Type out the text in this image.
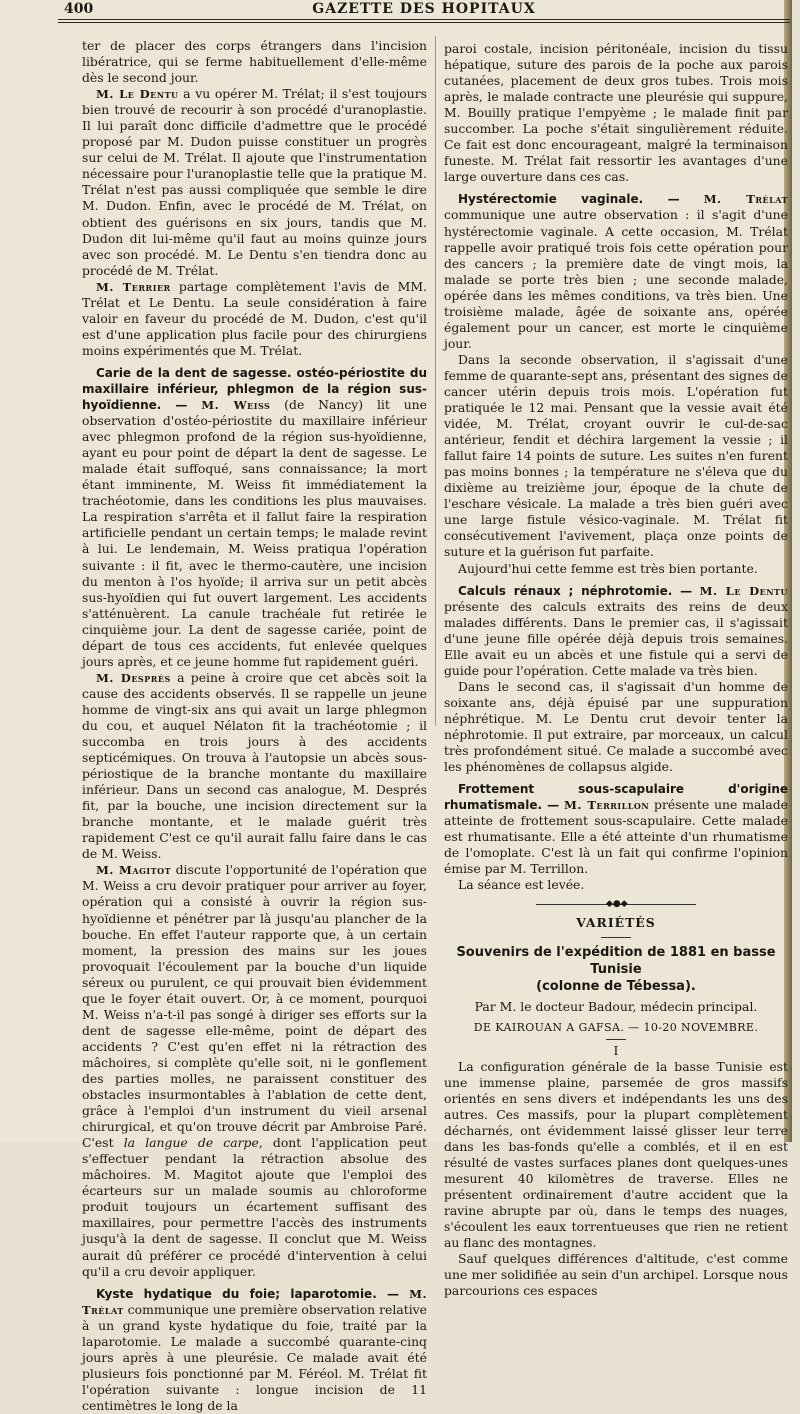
400	GAZETTE DES HOPITAUX

ter de placer des corps étrangers dans l'incision libératrice, qui se ferme habituellement d'elle-même dès le second jour.

M. Le Dentu a vu opérer M. Trélat; il s'est toujours bien trouvé de recourir à son procédé d'uranoplastie. Il lui paraît donc difficile d'admettre que le procédé proposé par M. Dudon puisse constituer un progrès sur celui de M. Trélat. Il ajoute que l'instrumentation nécessaire pour l'uranoplastie telle que la pratique M. Trélat n'est pas aussi compliquée que semble le dire M. Dudon. Enfin, avec le procédé de M. Trélat, on obtient des guérisons en six jours, tandis que M. Dudon dit lui-même qu'il faut au moins quinze jours avec son procédé. M. Le Dentu s'en tiendra donc au procédé de M. Trélat.

M. Terrier partage complètement l'avis de MM. Trélat et Le Dentu. La seule considération à faire valoir en faveur du procédé de M. Dudon, c'est qu'il est d'une application plus facile pour des chirurgiens moins expérimentés que M. Trélat.

Carie de la dent de sagesse. ostéo-périostite du maxillaire inférieur, phlegmon de la région sus-hyoïdienne. — M. Weiss (de Nancy) lit une observation d'ostéo-périostite du maxillaire inférieur avec phlegmon profond de la région sus-hyoïdienne, ayant eu pour point de départ la dent de sagesse. Le malade était suffoqué, sans connaissance; la mort étant imminente, M. Weiss fit immédiatement la trachéotomie, dans les conditions les plus mauvaises. La respiration s'arrêta et il fallut faire la respiration artificielle pendant un certain temps; le malade revint à lui. Le lendemain, M. Weiss pratiqua l'opération suivante : il fit, avec le thermo-cautère, une incision du menton à l'os hyoïde; il arriva sur un petit abcès sus-hyoïdien qui fut ouvert largement. Les accidents s'atténuèrent. La canule trachéale fut retirée le cinquième jour. La dent de sagesse cariée, point de départ de tous ces accidents, fut enlevée quelques jours après, et ce jeune homme fut rapidement guéri.

M. Després a peine à croire que cet abcès soit la cause des accidents observés. Il se rappelle un jeune homme de vingt-six ans qui avait un large phlegmon du cou, et auquel Nélaton fit la trachéotomie ; il succomba en trois jours à des accidents septicémiques. On trouva à l'autopsie un abcès sous-périostique de la branche montante du maxillaire inférieur. Dans un second cas analogue, M. Després fit, par la bouche, une incision directement sur la branche montante, et le malade guérit très rapidement C'est ce qu'il aurait fallu faire dans le cas de M. Weiss.

M. Magitot discute l'opportunité de l'opération que M. Weiss a cru devoir pratiquer pour arriver au foyer, opération qui a consisté à ouvrir la région sus-hyoïdienne et pénétrer par là jusqu'au plancher de la bouche. En effet l'auteur rapporte que, à un certain moment, la pression des mains sur les joues provoquait l'écoulement par la bouche d'un liquide séreux ou purulent, ce qui prouvait bien évidemment que le foyer était ouvert. Or, à ce moment, pourquoi M. Weiss n'a-t-il pas songé à diriger ses efforts sur la dent de sagesse elle-même, point de départ des accidents ? C'est qu'en effet ni la rétraction des mâchoires, si complète qu'elle soit, ni le gonflement des parties molles, ne paraissent constituer des obstacles insurmontables à l'ablation de cette dent, grâce à l'emploi d'un instrument du vieil arsenal chirurgical, et qu'on trouve décrit par Ambroise Paré. C'est la langue de carpe, dont l'application peut s'effectuer pendant la rétraction absolue des mâchoires. M. Magitot ajoute que l'emploi des écarteurs sur un malade soumis au chloroforme produit toujours un écartement suffisant des maxillaires, pour permettre l'accès des instruments jusqu'à la dent de sagesse. Il conclut que M. Weiss aurait dû préférer ce procédé d'intervention à celui qu'il a cru devoir appliquer.

Kyste hydatique du foie; laparotomie. — M. Trélat communique une première observation relative à un grand kyste hydatique du foie, traité par la laparotomie. Le malade a succombé quarante-cinq jours après à une pleurésie. Ce malade avait été plusieurs fois ponctionné par M. Féréol. M. Trélat fit l'opération suivante : longue incision de 11 centimètres le long de la

paroi costale, incision péritonéale, incision du tissu hépatique, suture des parois de la poche aux parois cutanées, placement de deux gros tubes. Trois mois après, le malade contracte une pleurésie qui suppure, M. Bouilly pratique l'empyème ; le malade finit par succomber. La poche s'était singulièrement réduite. Ce fait est donc encourageant, malgré la terminaison funeste. M. Trélat fait ressortir les avantages d'une large ouverture dans ces cas.

Hystérectomie vaginale. — M. Trélat communique une autre observation : il s'agit d'une hystérectomie vaginale. A cette occasion, M. Trélat rappelle avoir pratiqué trois fois cette opération pour des cancers ; la première date de vingt mois, la malade se porte très bien ; une seconde malade, opérée dans les mêmes conditions, va très bien. Une troisième malade, âgée de soixante ans, opérée également pour un cancer, est morte le cinquième jour.

Dans la seconde observation, il s'agissait d'une femme de quarante-sept ans, présentant des signes de cancer utérin depuis trois mois. L'opération fut pratiquée le 12 mai. Pensant que la vessie avait été vidée, M. Trélat, croyant ouvrir le cul-de-sac antérieur, fendit et déchira largement la vessie ; il fallut faire 14 points de suture. Les suites n'en furent pas moins bonnes ; la température ne s'éleva que du dixième au treizième jour, époque de la chute de l'eschare vésicale. La malade a très bien guéri avec une large fistule vésico-vaginale. M. Trélat fit consécutivement l'avivement, plaça onze points de suture et la guérison fut parfaite.

Aujourd'hui cette femme est très bien portante.

Calculs rénaux ; néphrotomie. — M. Le Dentu présente des calculs extraits des reins de deux malades différents. Dans le premier cas, il s'agissait d'une jeune fille opérée déjà depuis trois semaines. Elle avait eu un abcès et une fistule qui a servi de guide pour l'opération. Cette malade va très bien.

Dans le second cas, il s'agissait d'un homme de soixante ans, déjà épuisé par une suppuration néphrétique. M. Le Dentu crut devoir tenter la néphrotomie. Il put extraire, par morceaux, un calcul très profondément situé. Ce malade a succombé avec les phénomènes de collapsus algide.

Frottement sous-scapulaire d'origine rhumatismale. — M. Terrillon présente une malade atteinte de frottement sous-scapulaire. Cette malade est rhumatisante. Elle a été atteinte d'un rhumatisme de l'omoplate. C'est là un fait qui confirme l'opinion émise par M. Terrillon.

La séance est levée.

◆●◆

VARIÉTÉS

Souvenirs de l'expédition de 1881 en basse Tunisie

(colonne de Tébessa).

Par M. le docteur Badour, médecin principal.

DE KAIROUAN A GAFSA. — 10-20 NOVEMBRE.

I

La configuration générale de la basse Tunisie est une immense plaine, parsemée de gros massifs orientés en sens divers et indépendants les uns des autres. Ces massifs, pour la plupart complètement décharnés, ont évidemment laissé glisser leur terre dans les bas-fonds qu'elle a comblés, et il en est résulté de vastes surfaces planes dont quelques-unes mesurent 40 kilomètres de traverse. Elles ne présentent ordinairement d'autre accident que la ravine abrupte par où, dans le temps des nuages, s'écoulent les eaux torrentueuses que rien ne retient au flanc des montagnes.

Sauf quelques différences d'altitude, c'est comme une mer solidifiée au sein d'un archipel. Lorsque nous parcourions ces espaces
